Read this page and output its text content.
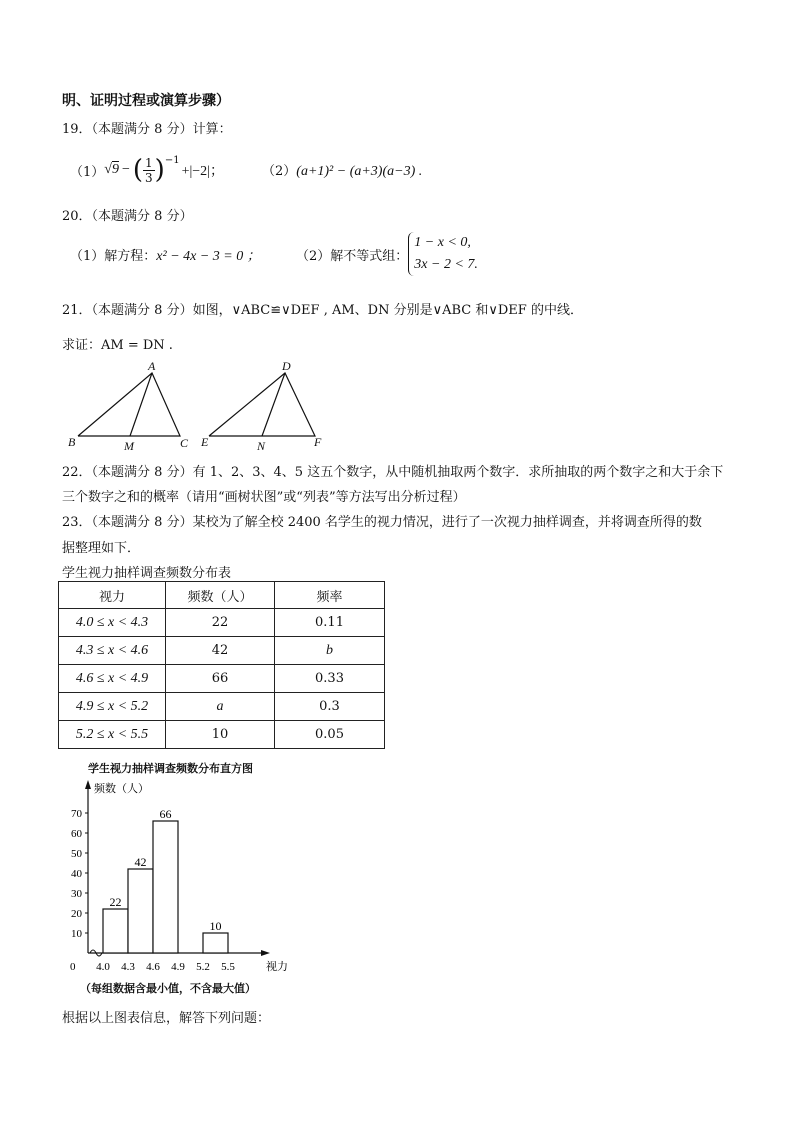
明、证明过程或演算步骤）
19．（本题满分 8 分）计算：
（1） √ 9 − ( $\frac{1}{3} )^{-1}$
+|−2|；	（2）(a+1)² − (a+3)(a−3) .
20．（本题满分 8 分）
（1）解方程：x² − 4x − 3 = 0 ；	（2）解不等式组：
1 − x < 0,
3x − 2 < 7.
21．（本题满分 8 分）如图，∨ABC≌∨DEF , AM、DN 分别是∨ABC 和∨DEF 的中线．
求证：AM = DN .
A
B	C
M
D
E	F
N
22．（本题满分 8 分）有 1、2、3、4、5 这五个数字，从中随机抽取两个数字．求所抽取的两个数字之和大于余下
三个数字之和的概率（请用“画树状图”或“列表”等方法写出分析过程）
23．（本题满分 8 分）某校为了解全校 2400 名学生的视力情况，进行了一次视力抽样调查，并将调查所得的数
据整理如下．
学生视力抽样调查频数分布表
视力	频数（人）	频率
4.0 ≤ x < 4.3	22	0.11
4.3 ≤ x < 4.6	42	b
4.6 ≤ x < 4.9	66	0.33
4.9 ≤ x < 5.2	a	0.3
5.2 ≤ x < 5.5	10	0.05
学生视力抽样调查频数分布直方图
10
20
30
40
50
60
70
0
频数（人）
4.0 4.3 4.6 4.9 5.2 5.5	视力
22
42
66
10
（每组数据含最小值，不含最大值）
根据以上图表信息，解答下列问题：
